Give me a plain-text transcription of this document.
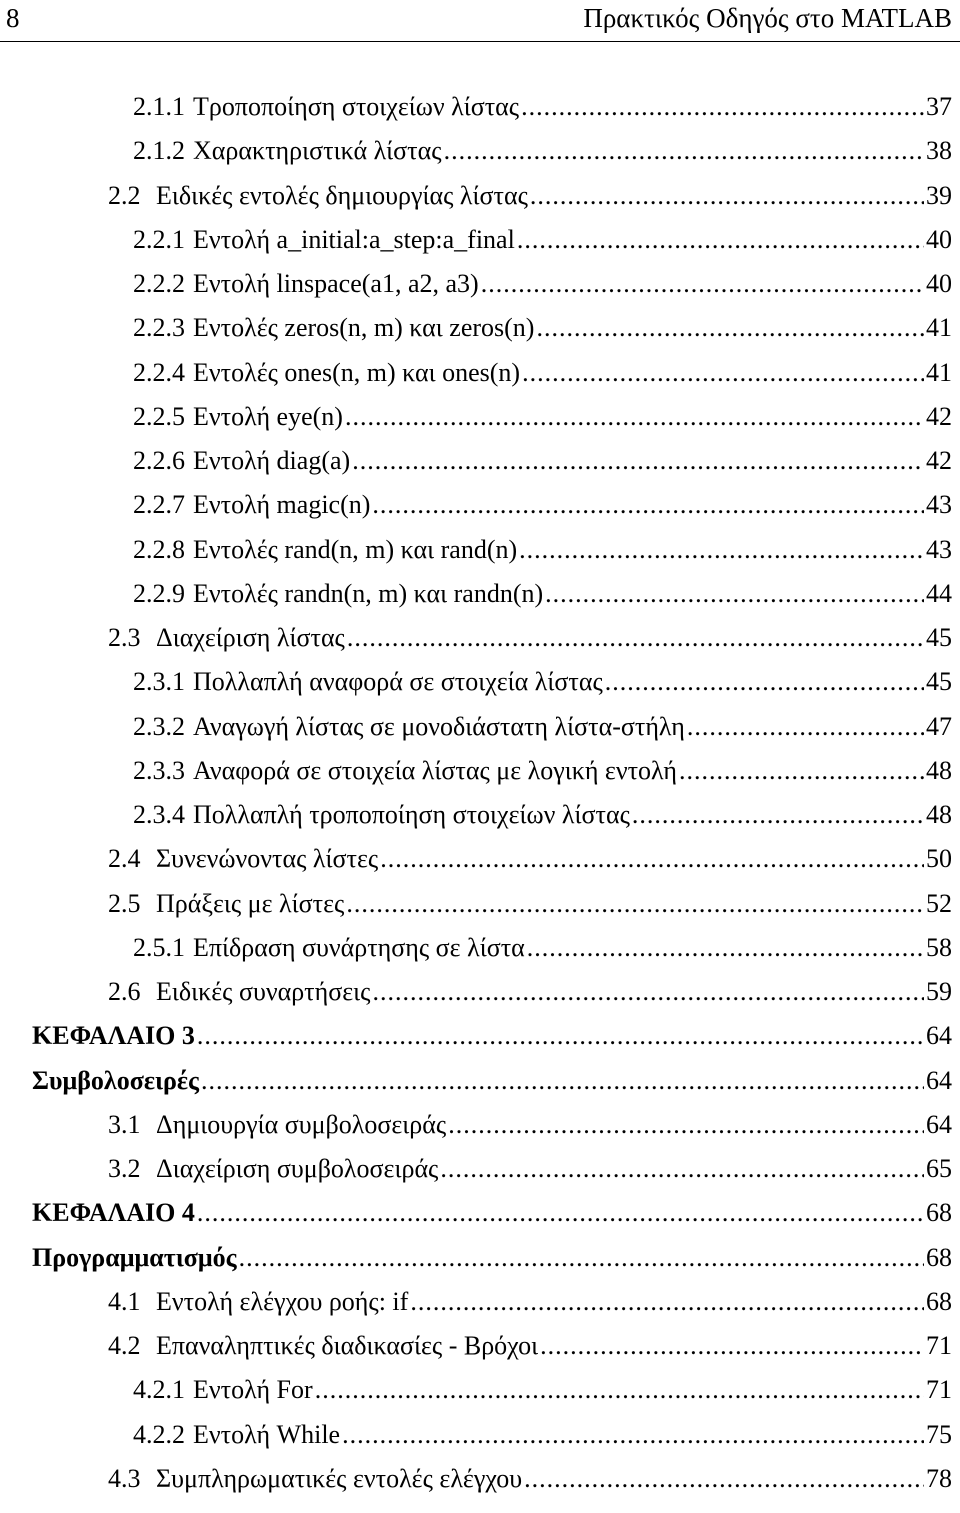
8	Πρακτικός Οδηγός στο MATLAB
2.1.1 Τροποποίηση στοιχείων λίστας .....	37
2.1.2 Χαρακτηριστικά λίστας .....	38
2.2 Ειδικές εντολές δημιουργίας λίστας .....	39
2.2.1 Εντολή a_initial:a_step:a_final .....	40
2.2.2 Εντολή linspace(a1, a2, a3) .....	40
2.2.3 Εντολές zeros(n, m) και zeros(n) .....	41
2.2.4 Εντολές ones(n, m) και ones(n) .....	41
2.2.5 Εντολή eye(n) .....	42
2.2.6 Εντολή diag(a) .....	42
2.2.7 Εντολή magic(n) .....	43
2.2.8 Εντολές rand(n, m) και rand(n) .....	43
2.2.9 Εντολές randn(n, m) και randn(n) .....	44
2.3 Διαχείριση λίστας .....	45
2.3.1 Πολλαπλή αναφορά σε στοιχεία λίστας .....	45
2.3.2 Αναγωγή λίστας σε μονοδιάστατη λίστα-στήλη .....	47
2.3.3 Αναφορά σε στοιχεία λίστας με λογική εντολή .....	48
2.3.4 Πολλαπλή τροποποίηση στοιχείων λίστας .....	48
2.4 Συνενώνοντας λίστες .....	50
2.5 Πράξεις με λίστες .....	52
2.5.1 Επίδραση συνάρτησης σε λίστα .....	58
2.6 Ειδικές συναρτήσεις .....	59
ΚΕΦΑΛΑΙΟ 3 .....	64
Συμβολοσειρές .....	64
3.1 Δημιουργία συμβολοσειράς .....	64
3.2 Διαχείριση συμβολοσειράς .....	65
ΚΕΦΑΛΑΙΟ 4 .....	68
Προγραμματισμός .....	68
4.1 Εντολή ελέγχου ροής: if .....	68
4.2 Επαναληπτικές διαδικασίες - Βρόχοι .....	71
4.2.1 Εντολή For .....	71
4.2.2 Εντολή While .....	75
4.3 Συμπληρωματικές εντολές ελέγχου .....	78
